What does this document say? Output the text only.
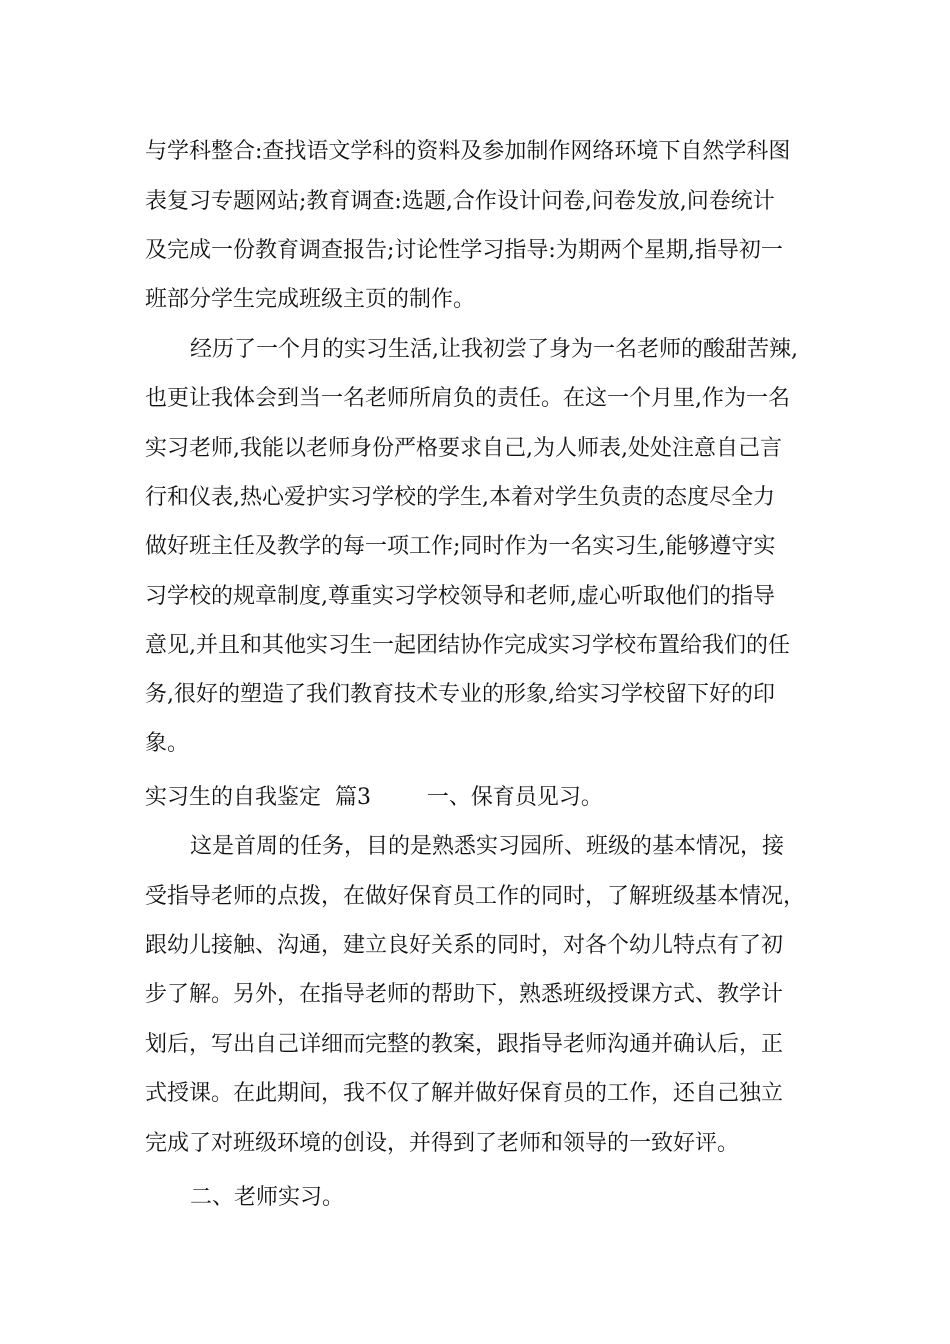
与学科整合:查找语文学科的资料及参加制作网络环境下自然学科图
表复习专题网站;教育调查:选题,合作设计问卷,问卷发放,问卷统计
及完成一份教育调查报告;讨论性学习指导:为期两个星期,指导初一
班部分学生完成班级主页的制作。
经历了一个月的实习生活,让我初尝了身为一名老师的酸甜苦辣,
也更让我体会到当一名老师所肩负的责任。在这一个月里,作为一名
实习老师,我能以老师身份严格要求自己,为人师表,处处注意自己言
行和仪表,热心爱护实习学校的学生,本着对学生负责的态度尽全力
做好班主任及教学的每一项工作;同时作为一名实习生,能够遵守实
习学校的规章制度,尊重实习学校领导和老师,虚心听取他们的指导
意见,并且和其他实习生一起团结协作完成实习学校布置给我们的任
务,很好的塑造了我们教育技术专业的形象,给实习学校留下好的印
象。
实习生的自我鉴定  篇3        一、保育员见习。
这是首周的任务，目的是熟悉实习园所、班级的基本情况，接
受指导老师的点拨，在做好保育员工作的同时，了解班级基本情况，
跟幼儿接触、沟通，建立良好关系的同时，对各个幼儿特点有了初
步了解。另外，在指导老师的帮助下，熟悉班级授课方式、教学计
划后，写出自己详细而完整的教案，跟指导老师沟通并确认后，正
式授课。在此期间，我不仅了解并做好保育员的工作，还自己独立
完成了对班级环境的创设，并得到了老师和领导的一致好评。
二、老师实习。
